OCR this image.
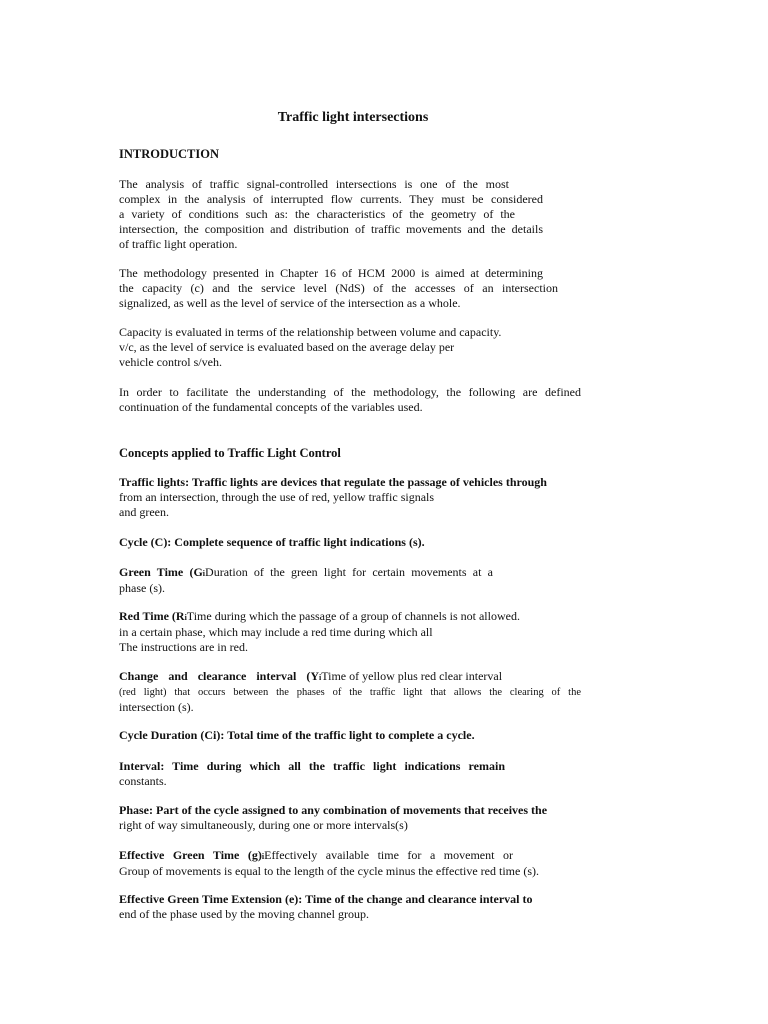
Traffic light intersections
INTRODUCTION
The analysis of traffic signal-controlled intersections is one of the most
complex in the analysis of interrupted flow currents. They must be considered
a variety of conditions such as: the characteristics of the geometry of the
intersection, the composition and distribution of traffic movements and the details
of traffic light operation.
The methodology presented in Chapter 16 of HCM 2000 is aimed at determining
the capacity (c) and the service level (NdS) of the accesses of an intersection
signalized, as well as the level of service of the intersection as a whole.
Capacity is evaluated in terms of the relationship between volume and capacity.
v/c, as the level of service is evaluated based on the average delay per
vehicle control s/veh.
In order to facilitate the understanding of the methodology, the following are defined
continuation of the fundamental concepts of the variables used.
Concepts applied to Traffic Light Control
Traffic lights: Traffic lights are devices that regulate the passage of vehicles through
from an intersection, through the use of red, yellow traffic signals
and green.
Cycle (C): Complete sequence of traffic light indications (s).
Green Time (GiDuration of the green light for certain movements at a
phase (s).
Red Time (RiTime during which the passage of a group of channels is not allowed.
in a certain phase, which may include a red time during which all
The instructions are in red.
Change and clearance interval (YiTime of yellow plus red clear interval
(red light) that occurs between the phases of the traffic light that allows the clearing of the
intersection (s).
Cycle Duration (Ci): Total time of the traffic light to complete a cycle.
Interval: Time during which all the traffic light indications remain
constants.
Phase: Part of the cycle assigned to any combination of movements that receives the
right of way simultaneously, during one or more intervals(s)
Effective Green Time (g)iEffectively available time for a movement or
Group of movements is equal to the length of the cycle minus the effective red time (s).
Effective Green Time Extension (e): Time of the change and clearance interval to
end of the phase used by the moving channel group.
